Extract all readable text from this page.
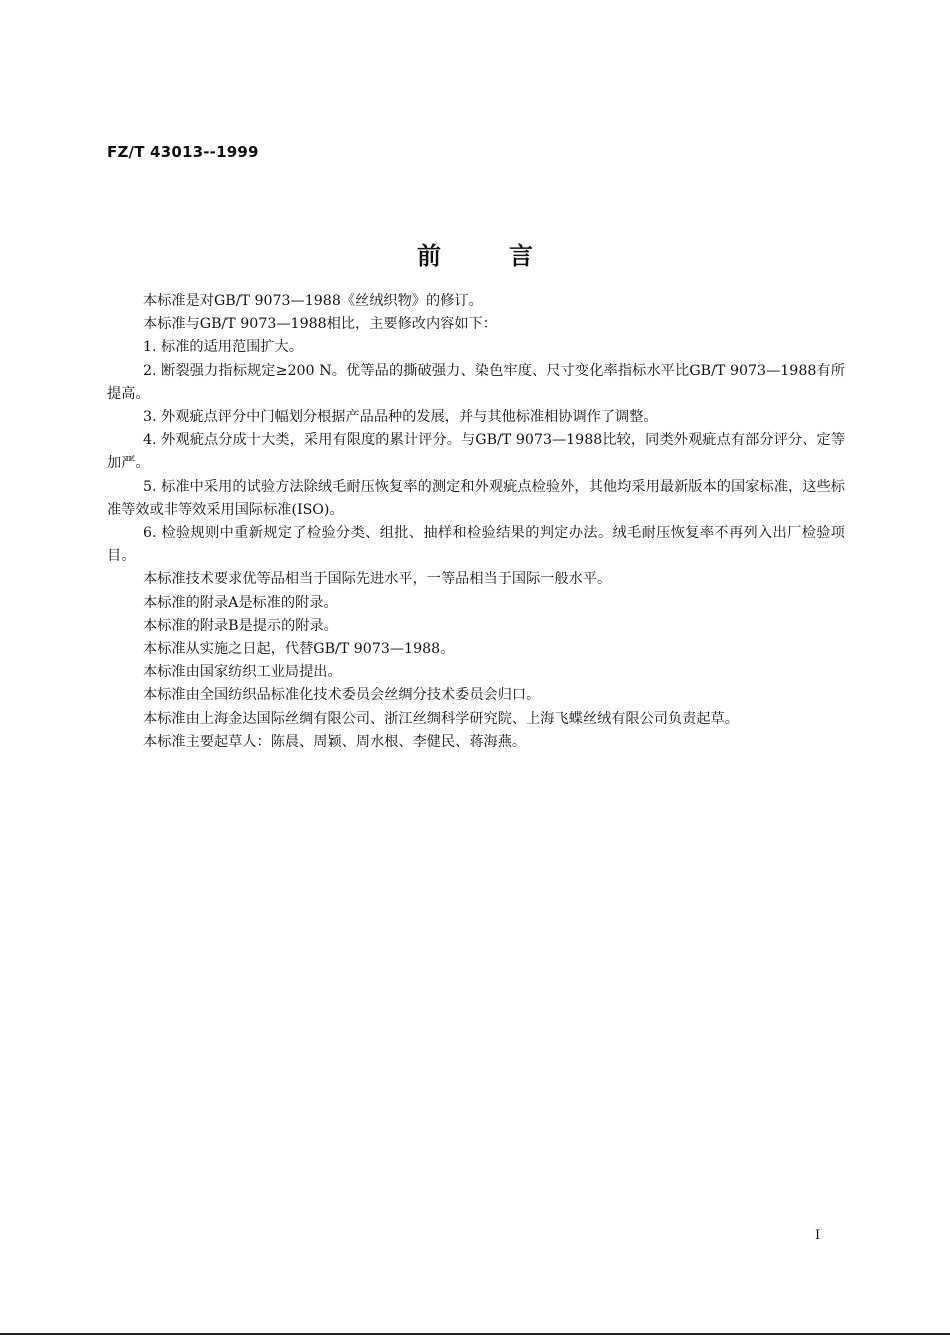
FZ/T 43013--1999
前言

本标准是对GB/T 9073—1988《丝绒织物》的修订。

本标准与GB/T 9073—1988相比，主要修改内容如下：

1. 标准的适用范围扩大。

2. 断裂强力指标规定≥200 N。优等品的撕破强力、染色牢度、尺寸变化率指标水平比GB/T 9073—1988有所提高。

3. 外观疵点评分中门幅划分根据产品品种的发展，并与其他标准相协调作了调整。

4. 外观疵点分成十大类，采用有限度的累计评分。与GB/T 9073—1988比较，同类外观疵点有部分评分、定等加严。

5. 标准中采用的试验方法除绒毛耐压恢复率的测定和外观疵点检验外，其他均采用最新版本的国家标准，这些标准等效或非等效采用国际标准(ISO)。

6. 检验规则中重新规定了检验分类、组批、抽样和检验结果的判定办法。绒毛耐压恢复率不再列入出厂检验项目。

本标准技术要求优等品相当于国际先进水平，一等品相当于国际一般水平。

本标准的附录A是标准的附录。

本标准的附录B是提示的附录。

本标准从实施之日起，代替GB/T 9073—1988。

本标准由国家纺织工业局提出。

本标准由全国纺织品标准化技术委员会丝绸分技术委员会归口。

本标准由上海金达国际丝绸有限公司、浙江丝绸科学研究院、上海飞蝶丝绒有限公司负责起草。

本标准主要起草人：陈晨、周颖、周水根、李健民、蒋海燕。

I
